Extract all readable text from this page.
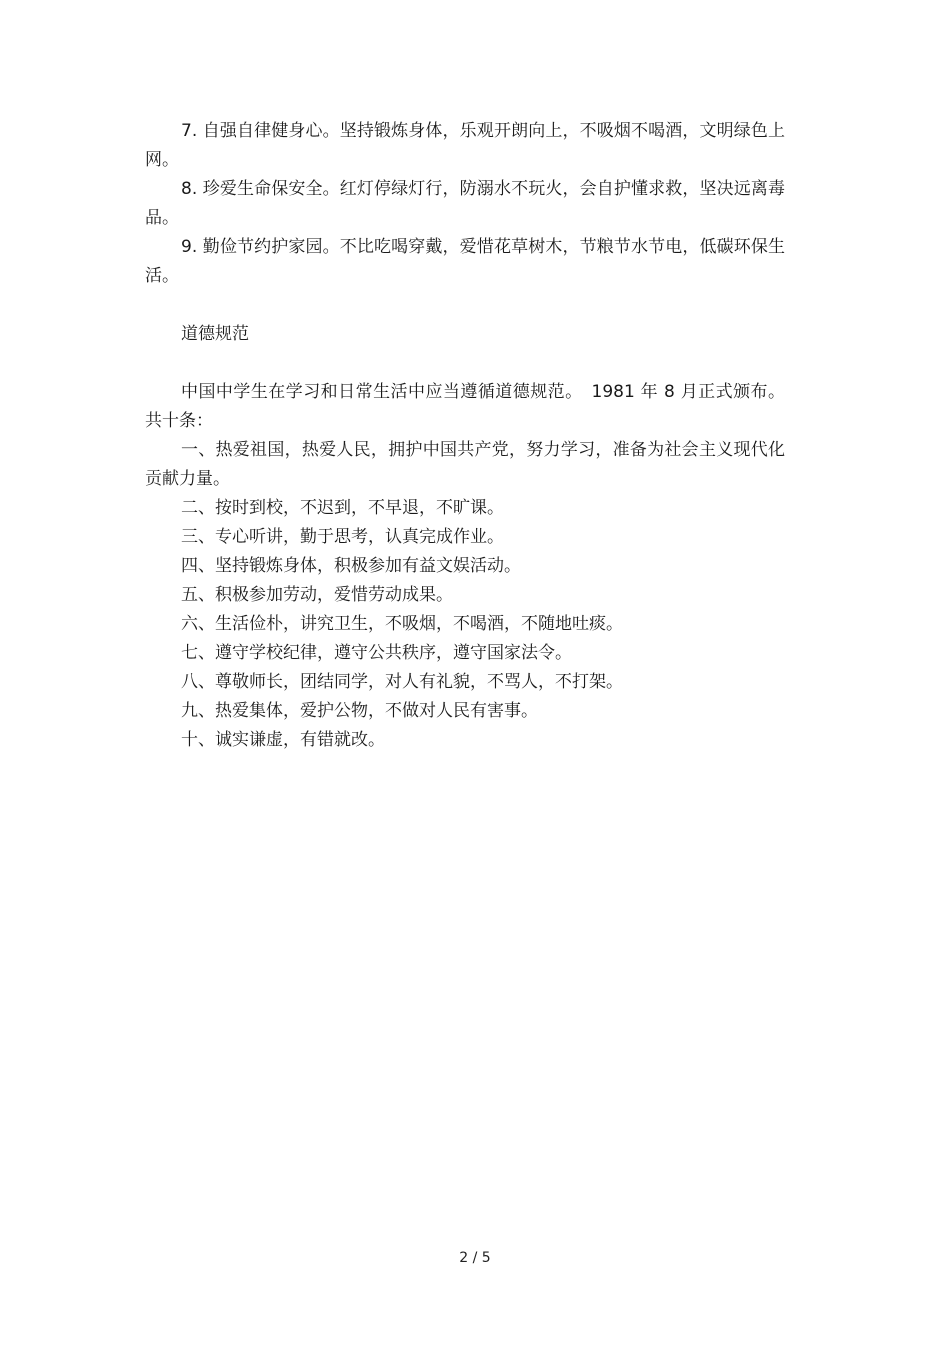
7. 自强自律健身心。坚持锻炼身体，乐观开朗向上，不吸烟不喝酒，文明绿色上网。

8. 珍爱生命保安全。红灯停绿灯行，防溺水不玩火，会自护懂求救，坚决远离毒品。

9. 勤俭节约护家园。不比吃喝穿戴，爱惜花草树木，节粮节水节电，低碳环保生活。

道德规范

中国中学生在学习和日常生活中应当遵循道德规范。　1981 年 8 月正式颁布。共十条：

一、热爱祖国，热爱人民，拥护中国共产党，努力学习，准备为社会主义现代化贡献力量。

二、按时到校，不迟到，不早退，不旷课。

三、专心听讲，勤于思考，认真完成作业。

四、坚持锻炼身体，积极参加有益文娱活动。

五、积极参加劳动，爱惜劳动成果。

六、生活俭朴，讲究卫生，不吸烟，不喝酒，不随地吐痰。

七、遵守学校纪律，遵守公共秩序，遵守国家法令。

八、尊敬师长，团结同学，对人有礼貌，不骂人，不打架。

九、热爱集体，爱护公物，不做对人民有害事。

十、诚实谦虚，有错就改。

2 / 5
